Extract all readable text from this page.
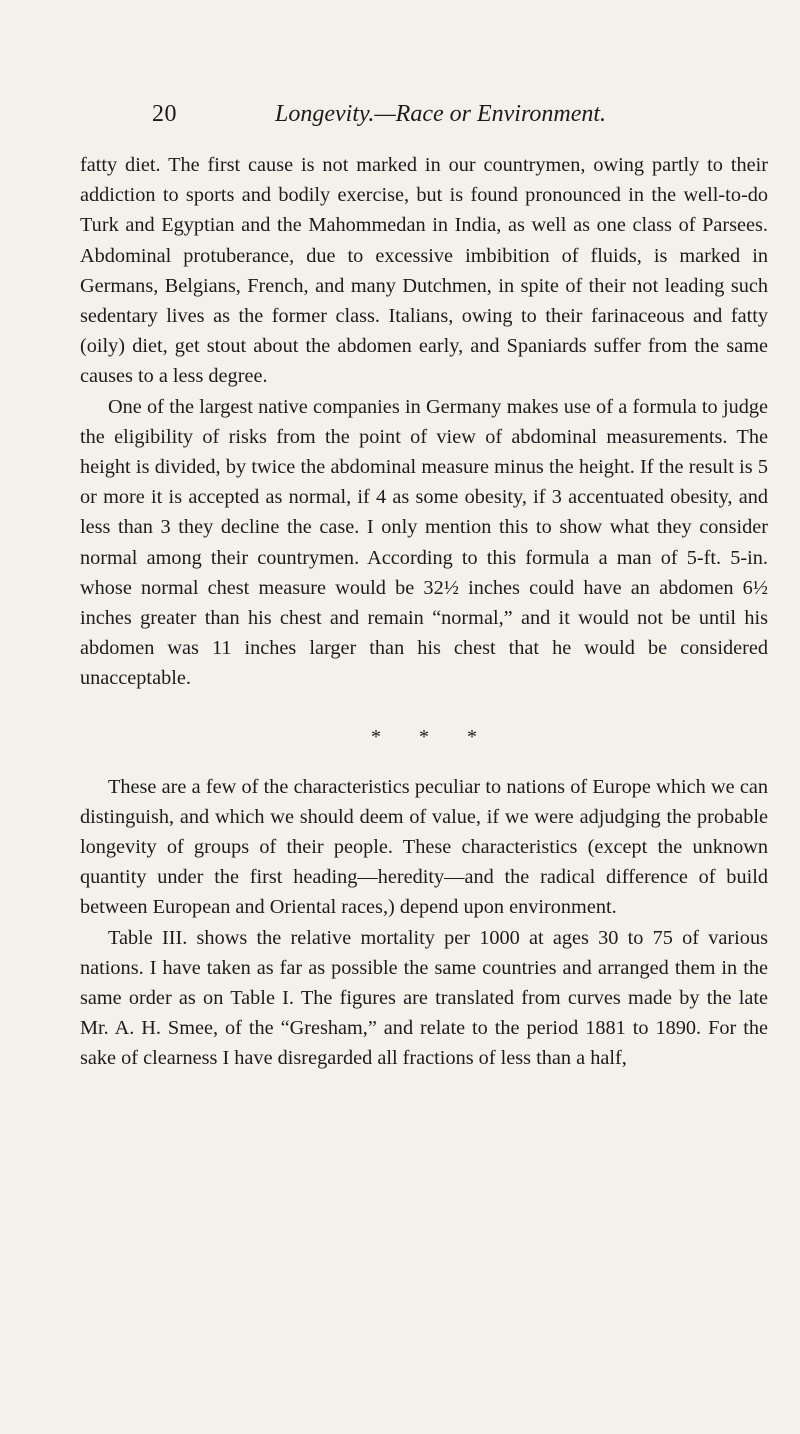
20	Longevity.—Race or Environment.

fatty diet. The first cause is not marked in our countrymen, owing partly to their addiction to sports and bodily exercise, but is found pronounced in the well-to-do Turk and Egyptian and the Mahommedan in India, as well as one class of Parsees. Abdominal protuberance, due to excessive imbibition of fluids, is marked in Germans, Belgians, French, and many Dutchmen, in spite of their not leading such sedentary lives as the former class. Italians, owing to their farinaceous and fatty (oily) diet, get stout about the abdomen early, and Spaniards suffer from the same causes to a less degree.

One of the largest native companies in Germany makes use of a formula to judge the eligibility of risks from the point of view of abdominal measurements. The height is divided, by twice the abdominal measure minus the height. If the result is 5 or more it is accepted as normal, if 4 as some obesity, if 3 accentuated obesity, and less than 3 they decline the case. I only mention this to show what they consider normal among their countrymen. According to this formula a man of 5-ft. 5-in. whose normal chest measure would be 32½ inches could have an abdomen 6½ inches greater than his chest and remain “normal,” and it would not be until his abdomen was 11 inches larger than his chest that he would be considered unacceptable.

***

These are a few of the characteristics peculiar to nations of Europe which we can distinguish, and which we should deem of value, if we were adjudging the probable longevity of groups of their people. These characteristics (except the unknown quantity under the first heading—heredity—and the radical difference of build between European and Oriental races,) depend upon environment.

Table III. shows the relative mortality per 1000 at ages 30 to 75 of various nations. I have taken as far as possible the same countries and arranged them in the same order as on Table I. The figures are translated from curves made by the late Mr. A. H. Smee, of the “Gresham,” and relate to the period 1881 to 1890. For the sake of clearness I have disregarded all fractions of less than a half,
